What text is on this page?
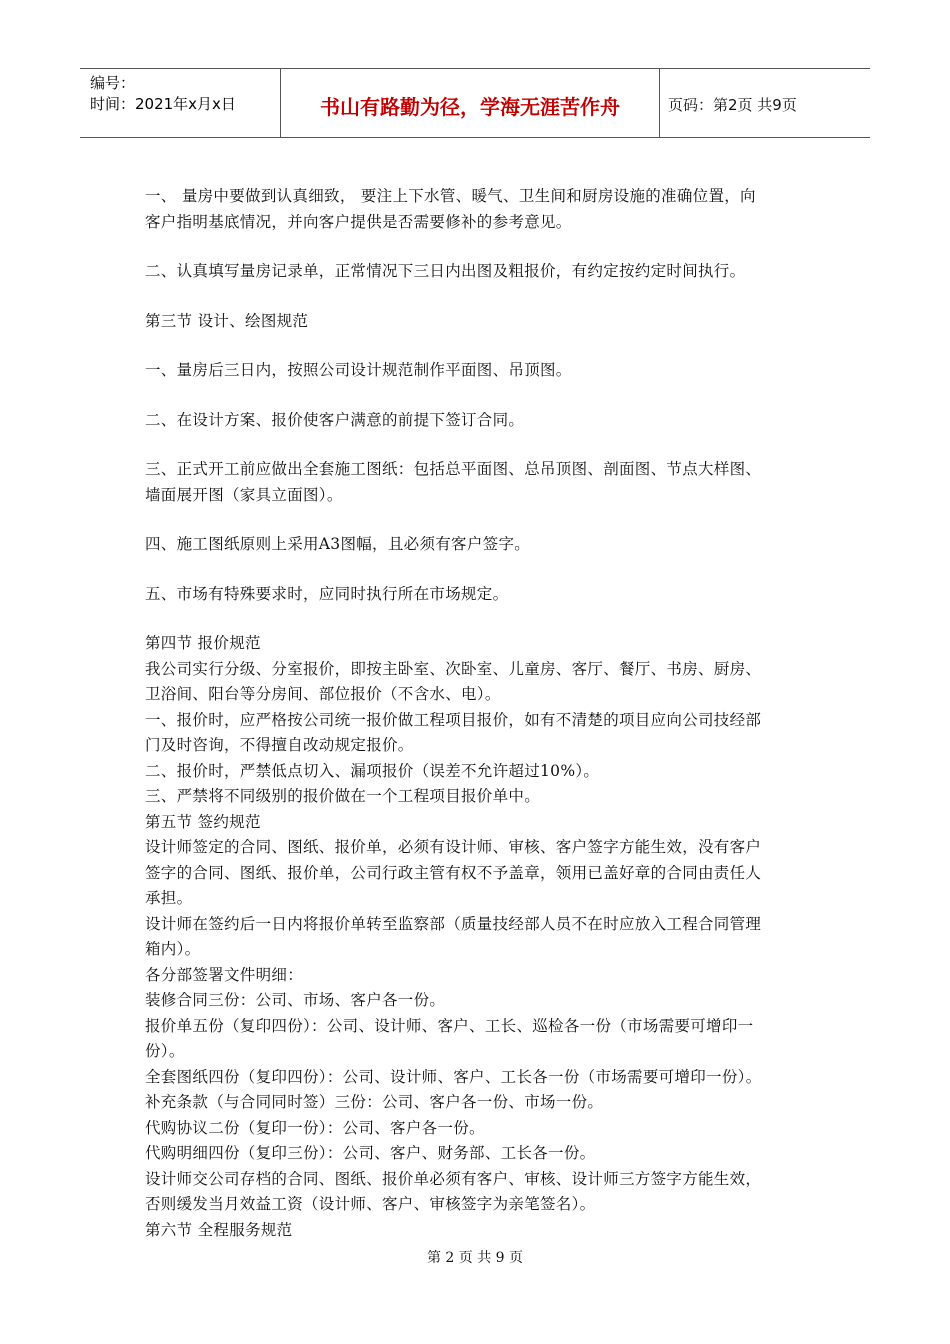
编号：
时间：2021年x月x日	书山有路勤为径，学海无涯苦作舟	页码：第2页 共9页
一、 量房中要做到认真细致， 要注上下水管、暖气、卫生间和厨房设施的准确位置，向
客户指明基底情况，并向客户提供是否需要修补的参考意见。
二、认真填写量房记录单，正常情况下三日内出图及粗报价，有约定按约定时间执行。
第三节 设计、绘图规范
一、量房后三日内，按照公司设计规范制作平面图、吊顶图。
二、在设计方案、报价使客户满意的前提下签订合同。
三、正式开工前应做出全套施工图纸：包括总平面图、总吊顶图、剖面图、节点大样图、
墙面展开图（家具立面图）。
四、施工图纸原则上采用A3图幅，且必须有客户签字。
五、市场有特殊要求时，应同时执行所在市场规定。
第四节 报价规范
我公司实行分级、分室报价，即按主卧室、次卧室、儿童房、客厅、餐厅、书房、厨房、
卫浴间、阳台等分房间、部位报价（不含水、电）。
一、报价时，应严格按公司统一报价做工程项目报价，如有不清楚的项目应向公司技经部
门及时咨询，不得擅自改动规定报价。
二、报价时，严禁低点切入、漏项报价（误差不允许超过10%）。
三、严禁将不同级别的报价做在一个工程项目报价单中。
第五节 签约规范
设计师签定的合同、图纸、报价单，必须有设计师、审核、客户签字方能生效，没有客户
签字的合同、图纸、报价单，公司行政主管有权不予盖章，领用已盖好章的合同由责任人
承担。
设计师在签约后一日内将报价单转至监察部（质量技经部人员不在时应放入工程合同管理
箱内）。
各分部签署文件明细：
装修合同三份：公司、市场、客户各一份。
报价单五份（复印四份）：公司、设计师、客户、工长、巡检各一份（市场需要可增印一
份）。
全套图纸四份（复印四份）：公司、设计师、客户、工长各一份（市场需要可增印一份）。
补充条款（与合同同时签）三份：公司、客户各一份、市场一份。
代购协议二份（复印一份）：公司、客户各一份。
代购明细四份（复印三份）：公司、客户、财务部、工长各一份。
设计师交公司存档的合同、图纸、报价单必须有客户、审核、设计师三方签字方能生效，
否则缓发当月效益工资（设计师、客户、审核签字为亲笔签名）。
第六节 全程服务规范
第 2 页 共 9 页
